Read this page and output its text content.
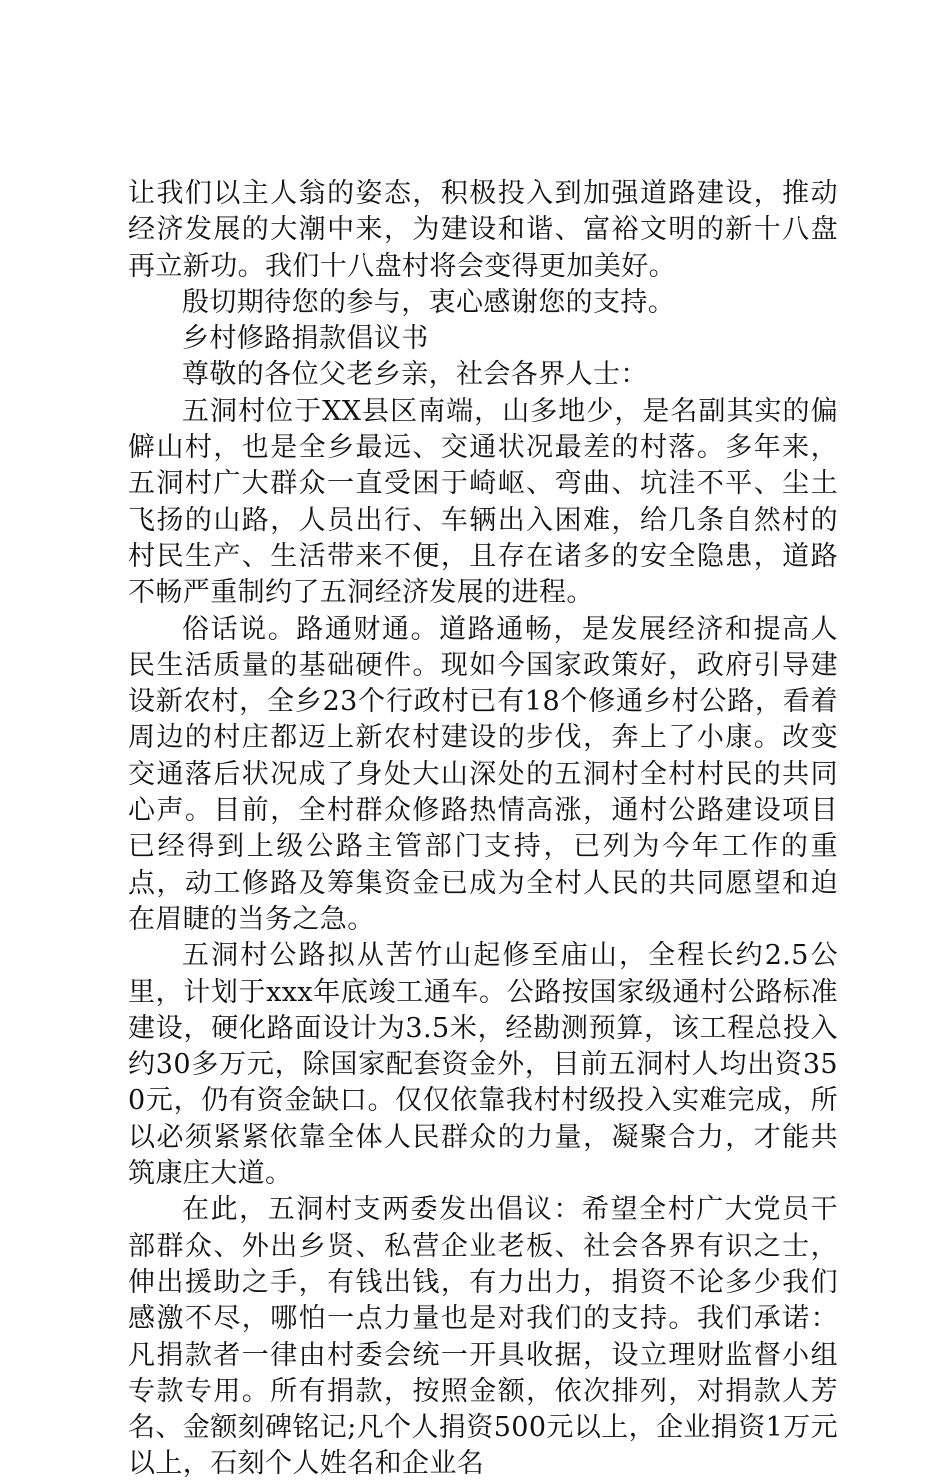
让我们以主人翁的姿态，积极投入到加强道路建设，推动经济发展的大潮中来，为建设和谐、富裕文明的新十八盘再立新功。我们十八盘村将会变得更加美好。

殷切期待您的参与，衷心感谢您的支持。

乡村修路捐款倡议书

尊敬的各位父老乡亲，社会各界人士：

五洞村位于XX县区南端，山多地少，是名副其实的偏僻山村，也是全乡最远、交通状况最差的村落。多年来，五洞村广大群众一直受困于崎岖、弯曲、坑洼不平、尘土飞扬的山路，人员出行、车辆出入困难，给几条自然村的村民生产、生活带来不便，且存在诸多的安全隐患，道路不畅严重制约了五洞经济发展的进程。

俗话说。路通财通。道路通畅，是发展经济和提高人民生活质量的基础硬件。现如今国家政策好，政府引导建设新农村，全乡23个行政村已有18个修通乡村公路，看着周边的村庄都迈上新农村建设的步伐，奔上了小康。改变交通落后状况成了身处大山深处的五洞村全村村民的共同心声。目前，全村群众修路热情高涨，通村公路建设项目已经得到上级公路主管部门支持，已列为今年工作的重点，动工修路及筹集资金已成为全村人民的共同愿望和迫在眉睫的当务之急。

五洞村公路拟从苦竹山起修至庙山，全程长约2.5公里，计划于xxx年底竣工通车。公路按国家级通村公路标准建设，硬化路面设计为3.5米，经勘测预算，该工程总投入约30多万元，除国家配套资金外，目前五洞村人均出资350元，仍有资金缺口。仅仅依靠我村村级投入实难完成，所以必须紧紧依靠全体人民群众的力量，凝聚合力，才能共筑康庄大道。

在此，五洞村支两委发出倡议：希望全村广大党员干部群众、外出乡贤、私营企业老板、社会各界有识之士，伸出援助之手，有钱出钱，有力出力，捐资不论多少我们感激不尽，哪怕一点力量也是对我们的支持。我们承诺：凡捐款者一律由村委会统一开具收据，设立理财监督小组专款专用。所有捐款，按照金额，依次排列，对捐款人芳名、金额刻碑铭记;凡个人捐资500元以上，企业捐资1万元以上，石刻个人姓名和企业名
